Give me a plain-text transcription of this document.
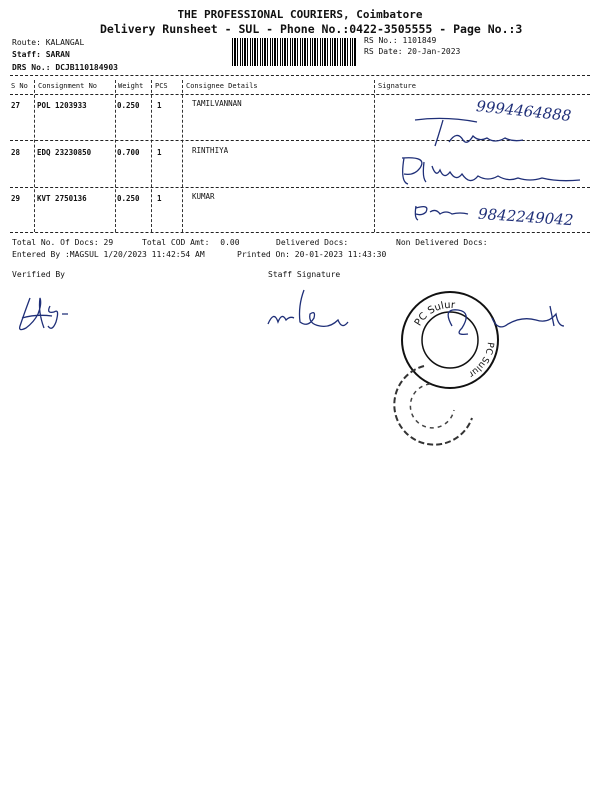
THE PROFESSIONAL COURIERS, Coimbatore
Delivery Runsheet - SUL - Phone No.:0422-3505555 - Page No.:3
Route: KALANGAL
Staff: SARAN
DRS No.: DCJB110184903
RS No.: 1101849
RS Date: 20-Jan-2023
S No Consignment No	Weight PCS	Consignee Details	Signature
27 POL 1203933	0.250 1	TAMILVANNAN
28 EDQ 23230850	0.700 1	RINTHIYA
29 KVT 2750136	0.250 1	KUMAR
9994464888
9842249042
Total No. Of Docs: 29	Total COD Amt: 0.00	Delivered Docs:	Non Delivered Docs:
Entered By :MAGSUL 1/20/2023 11:42:54 AM	Printed On: 20-01-2023 11:43:30
Verified By	Staff Signature
PC Sulur
PC Sulur
